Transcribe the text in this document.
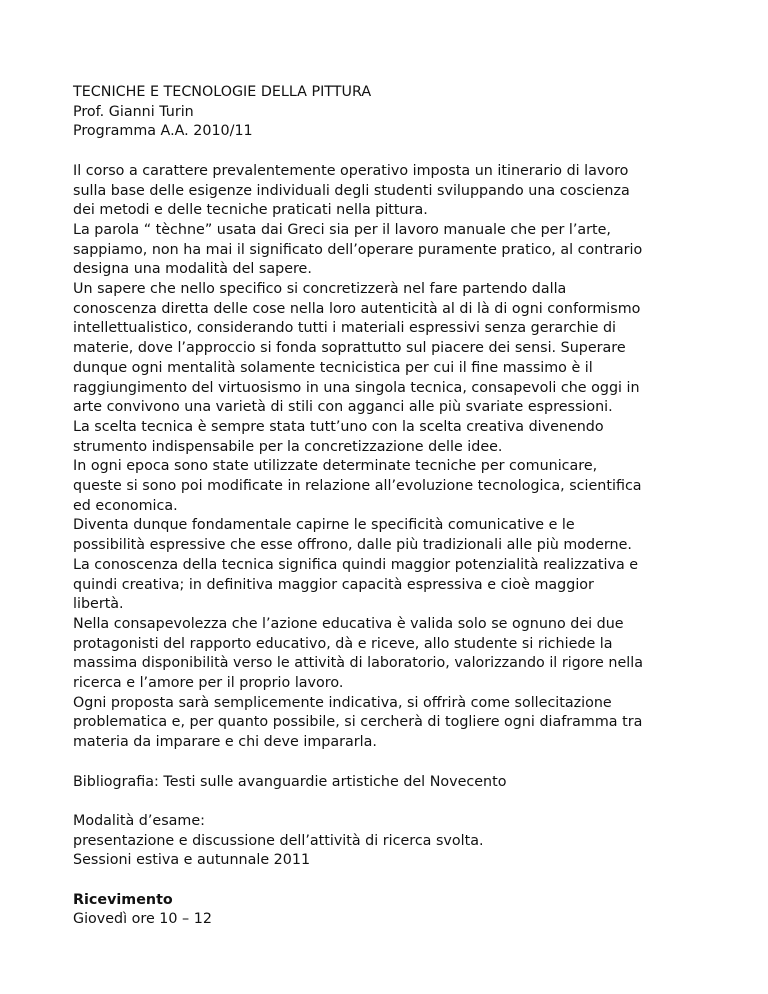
TECNICHE E TECNOLOGIE DELLA PITTURA
Prof. Gianni Turin
Programma A.A. 2010/11
Il corso a carattere prevalentemente operativo imposta un itinerario di lavoro
sulla base delle esigenze individuali degli studenti sviluppando una coscienza
dei metodi e delle tecniche praticati nella pittura.
La parola “ tèchne” usata dai Greci sia per il lavoro manuale che per l’arte,
sappiamo, non ha mai il significato dell’operare puramente pratico, al contrario
designa una modalità del sapere.
Un sapere che nello specifico si concretizzerà nel fare partendo dalla
conoscenza diretta delle cose nella loro autenticità al di là di ogni conformismo
intellettualistico, considerando tutti i materiali espressivi senza gerarchie di
materie, dove l’approccio si fonda soprattutto sul piacere dei sensi. Superare
dunque ogni mentalità solamente tecnicistica per cui il fine massimo è il
raggiungimento del virtuosismo in una singola tecnica, consapevoli che oggi in
arte convivono una varietà di stili con agganci alle più svariate espressioni.
La scelta tecnica è sempre stata tutt’uno con la scelta creativa divenendo
strumento indispensabile per la concretizzazione delle idee.
In ogni epoca sono state utilizzate determinate tecniche per comunicare,
queste si sono poi modificate in relazione all’evoluzione tecnologica, scientifica
ed economica.
Diventa dunque fondamentale capirne le specificità comunicative e le
possibilità espressive che esse offrono, dalle più tradizionali alle più moderne.
La conoscenza della tecnica significa quindi maggior potenzialità realizzativa e
quindi creativa; in definitiva maggior capacità espressiva e cioè maggior
libertà.
Nella consapevolezza che l’azione educativa è valida solo se ognuno dei due
protagonisti del rapporto educativo, dà e riceve, allo studente si richiede la
massima disponibilità verso le attività di laboratorio, valorizzando il rigore nella
ricerca e l’amore per il proprio lavoro.
Ogni proposta sarà semplicemente indicativa, si offrirà come sollecitazione
problematica e, per quanto possibile, si cercherà di togliere ogni diaframma tra
materia da imparare e chi deve impararla.
Bibliografia: Testi sulle avanguardie artistiche del Novecento
Modalità d’esame:
presentazione e discussione dell’attività di ricerca svolta.
Sessioni estiva e autunnale 2011
Ricevimento
Giovedì ore 10 – 12
